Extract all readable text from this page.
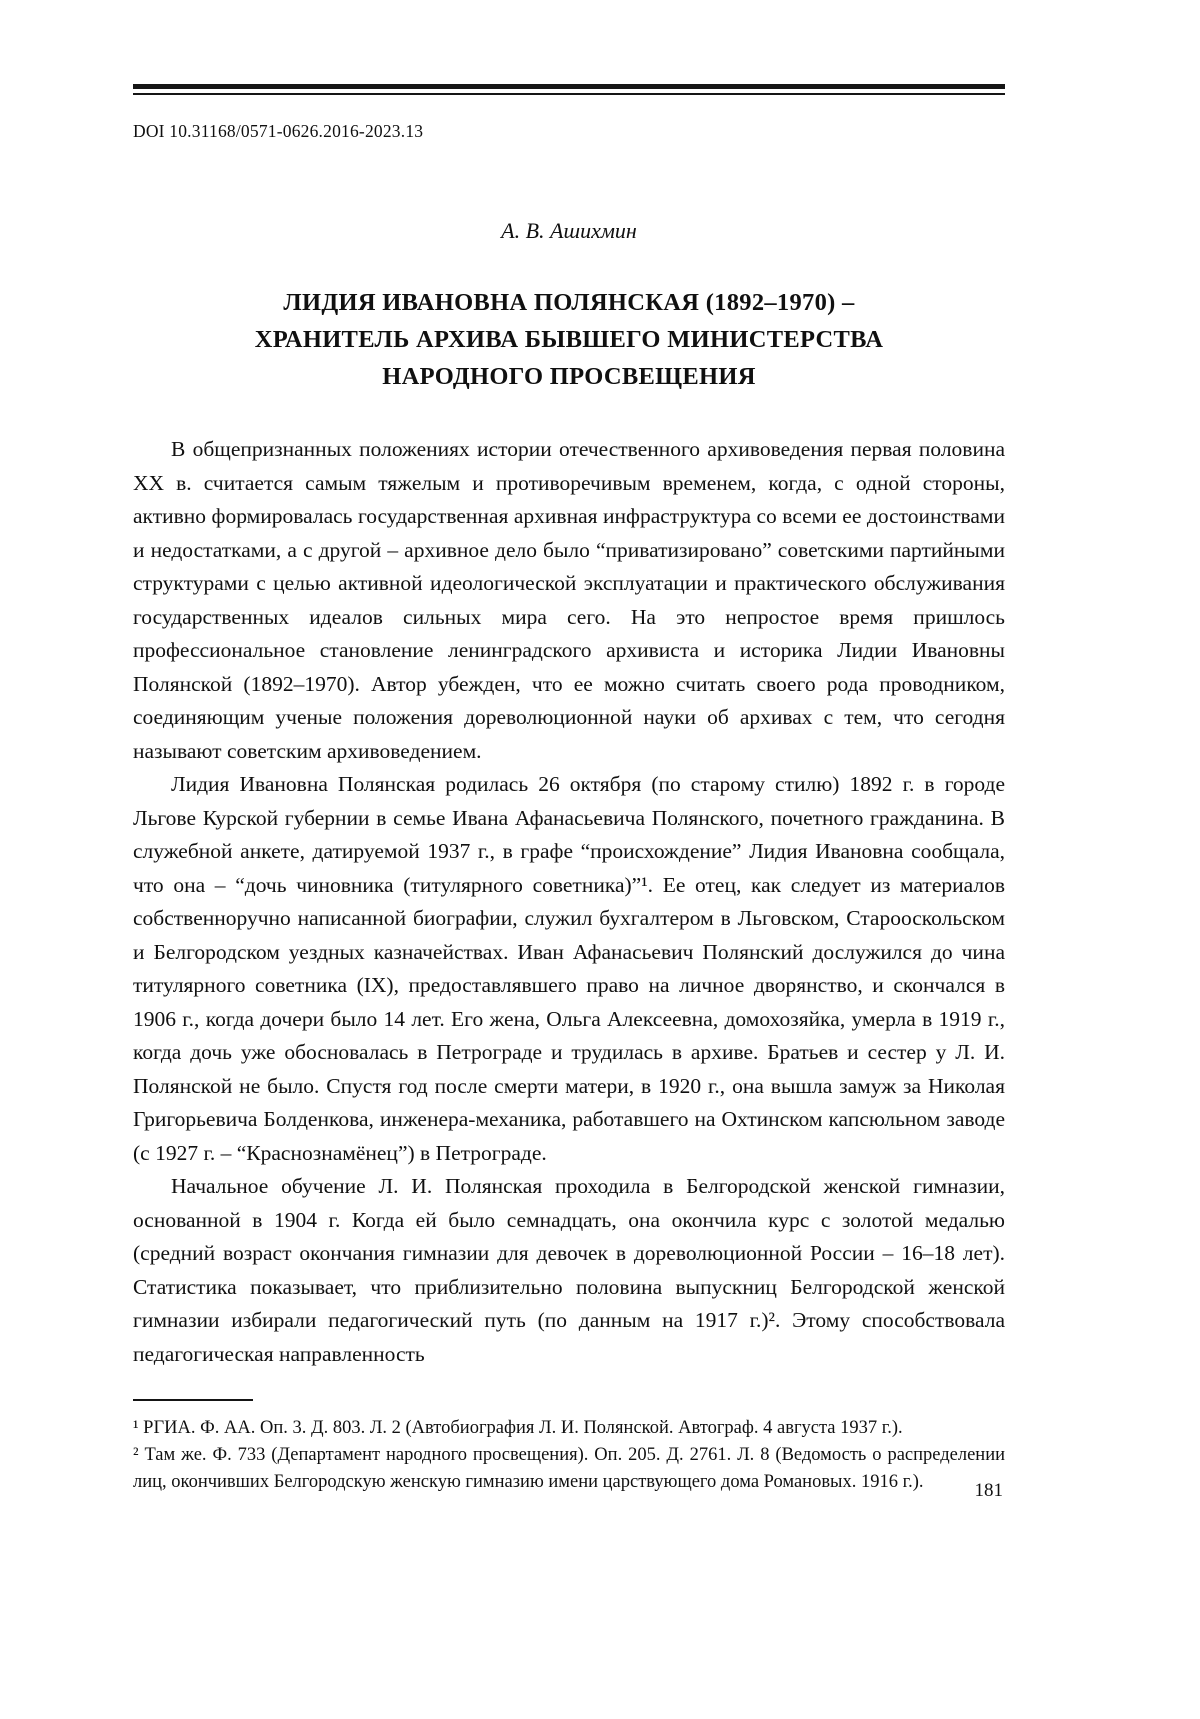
DOI 10.31168/0571-0626.2016-2023.13
А. В. Ашихмин
ЛИДИЯ ИВАНОВНА ПОЛЯНСКАЯ (1892–1970) –
ХРАНИТЕЛЬ АРХИВА БЫВШЕГО МИНИСТЕРСТВА
НАРОДНОГО ПРОСВЕЩЕНИЯ

В общепризнанных положениях истории отечественного архивоведения первая половина XX в. считается самым тяжелым и противоречивым временем, когда, с одной стороны, активно формировалась государственная архивная инфраструктура со всеми ее достоинствами и недостатками, а с другой – архивное дело было “приватизировано” советскими партийными структурами с целью активной идеологической эксплуатации и практического обслуживания государственных идеалов сильных мира сего. На это непростое время пришлось профессиональное становление ленинградского архивиста и историка Лидии Ивановны Полянской (1892–1970). Автор убежден, что ее можно считать своего рода проводником, соединяющим ученые положения дореволюционной науки об архивах с тем, что сегодня называют советским архивоведением.

Лидия Ивановна Полянская родилась 26 октября (по старому стилю) 1892 г. в городе Льгове Курской губернии в семье Ивана Афанасьевича Полянского, почетного гражданина. В служебной анкете, датируемой 1937 г., в графе “происхождение” Лидия Ивановна сообщала, что она – “дочь чиновника (титулярного советника)”¹. Ее отец, как следует из материалов собственноручно написанной биографии, служил бухгалтером в Льговском, Старооскольском и Белгородском уездных казначействах. Иван Афанасьевич Полянский дослужился до чина титулярного советника (IX), предоставлявшего право на личное дворянство, и скончался в 1906 г., когда дочери было 14 лет. Его жена, Ольга Алексеевна, домохозяйка, умерла в 1919 г., когда дочь уже обосновалась в Петрограде и трудилась в архиве. Братьев и сестер у Л. И. Полянской не было. Спустя год после смерти матери, в 1920 г., она вышла замуж за Николая Григорьевича Болденкова, инженера-механика, работавшего на Охтинском капсюльном заводе (с 1927 г. – “Краснознамёнец”) в Петрограде.

Начальное обучение Л. И. Полянская проходила в Белгородской женской гимназии, основанной в 1904 г. Когда ей было семнадцать, она окончила курс с золотой медалью (средний возраст окончания гимназии для девочек в дореволюционной России – 16–18 лет). Статистика показывает, что приблизительно половина выпускниц Белгородской женской гимназии избирали педагогический путь (по данным на 1917 г.)². Этому способствовала педагогическая направленность

¹ РГИА. Ф. АА. Оп. 3. Д. 803. Л. 2 (Автобиография Л. И. Полянской. Автограф. 4 августа 1937 г.).
² Там же. Ф. 733 (Департамент народного просвещения). Оп. 205. Д. 2761. Л. 8 (Ведомость о распределении лиц, окончивших Белгородскую женскую гимназию имени царствующего дома Романовых. 1916 г.).	181
